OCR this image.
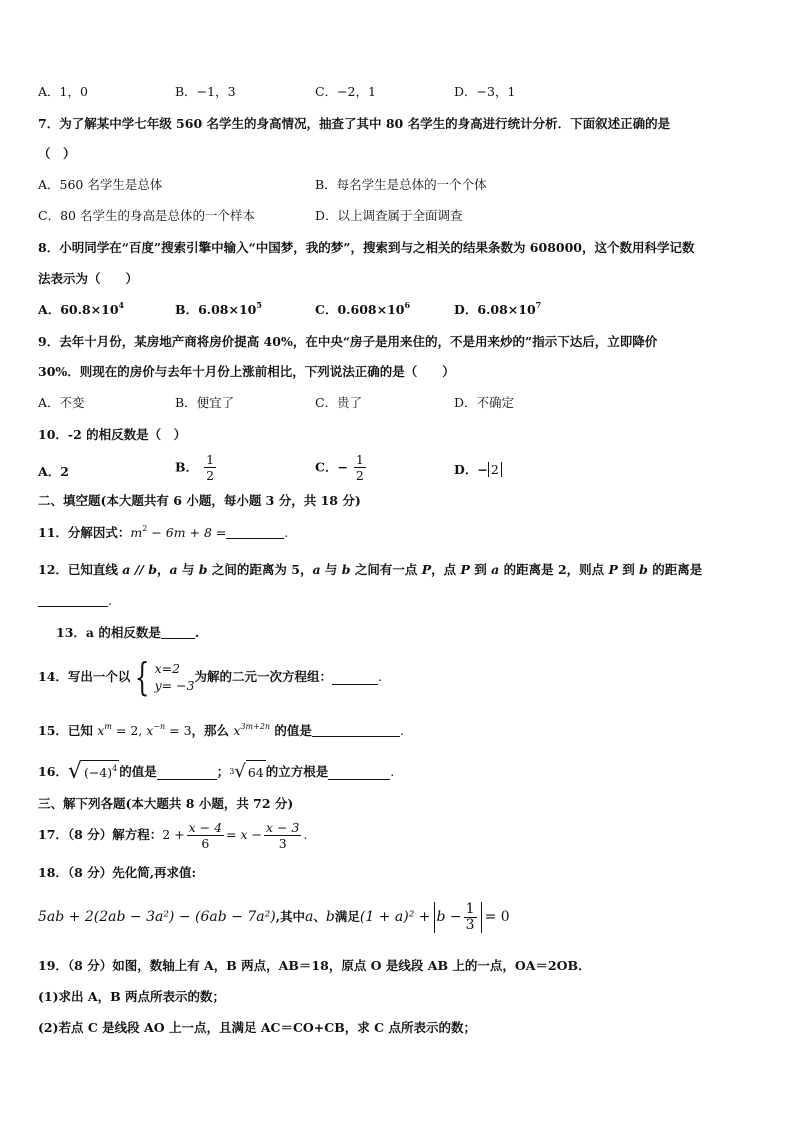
A．1，0	B．−1，3	C．−2，1	D．−3，1
7．为了解某中学七年级 560 名学生的身高情况，抽查了其中 80 名学生的身高进行统计分析．下面叙述正确的是
（　）
A．560 名学生是总体	B．每名学生是总体的一个个体
C．80 名学生的身高是总体的一个样本	D．以上调查属于全面调查
8．小明同学在“百度”搜索引擎中输入“中国梦，我的梦”，搜索到与之相关的结果条数为 608000，这个数用科学记数
法表示为（　　）
A．$60.8\times 10^4$	B．$6.08\times 10^5$	C．$0.608\times 10^6$	D．$6.08\times 10^7$
9．去年十月份，某房地产商将房价提高 40%，在中央“房子是用来住的，不是用来炒的”指示下达后，立即降价
30%．则现在的房价与去年十月份上涨前相比，下列说法正确的是（　　）
A．不变	B．便宜了	C．贵了	D．不确定
10．-2 的相反数是（　）
A．2	B． $\frac{1}{2}$	C．− $\frac{1}{2}$	D．− 2
二、填空题(本大题共有 6 小题，每小题 3 分，共 18 分)
11．分解因式：$m^2 - 6m + 8$ =	.
12．已知直线 a // b，a 与 b 之间的距离为 5，a 与 b 之间有一点 P，点 P 到 a 的距离是 2，则点 P 到 b 的距离是
.
13．a 的相反数是	.
14．写出一个以 { x=2
y= −3
为解的二元一次方程组：	.
15．已知 $x^m = 2$, $x^{-n} = 3$，那么 $x^{3m+2n}$ 的值是	.
16． √ $(-4)^4$ 的值是	； 3 √ 64 的立方根是	.
三、解下列各题(本大题共 8 小题，共 72 分)
17．（8 分）解方程： $2 + \frac{x - 4}{6} = x - \frac{x - 3}{3}$ .
18．（8 分）先化简,再求值:
5ab + 2(2ab − 3a²) − (6ab − 7a²) ,其中 a 、 b 满足 $(1 + a)^2 + b - \frac{1}{3} = 0$
19．（8 分）如图，数轴上有 A，B 两点，AB＝18，原点 O 是线段 AB 上的一点，OA＝2OB．
(1)求出 A，B 两点所表示的数；
(2)若点 C 是线段 AO 上一点，且满足 AC＝CO+CB，求 C 点所表示的数；
